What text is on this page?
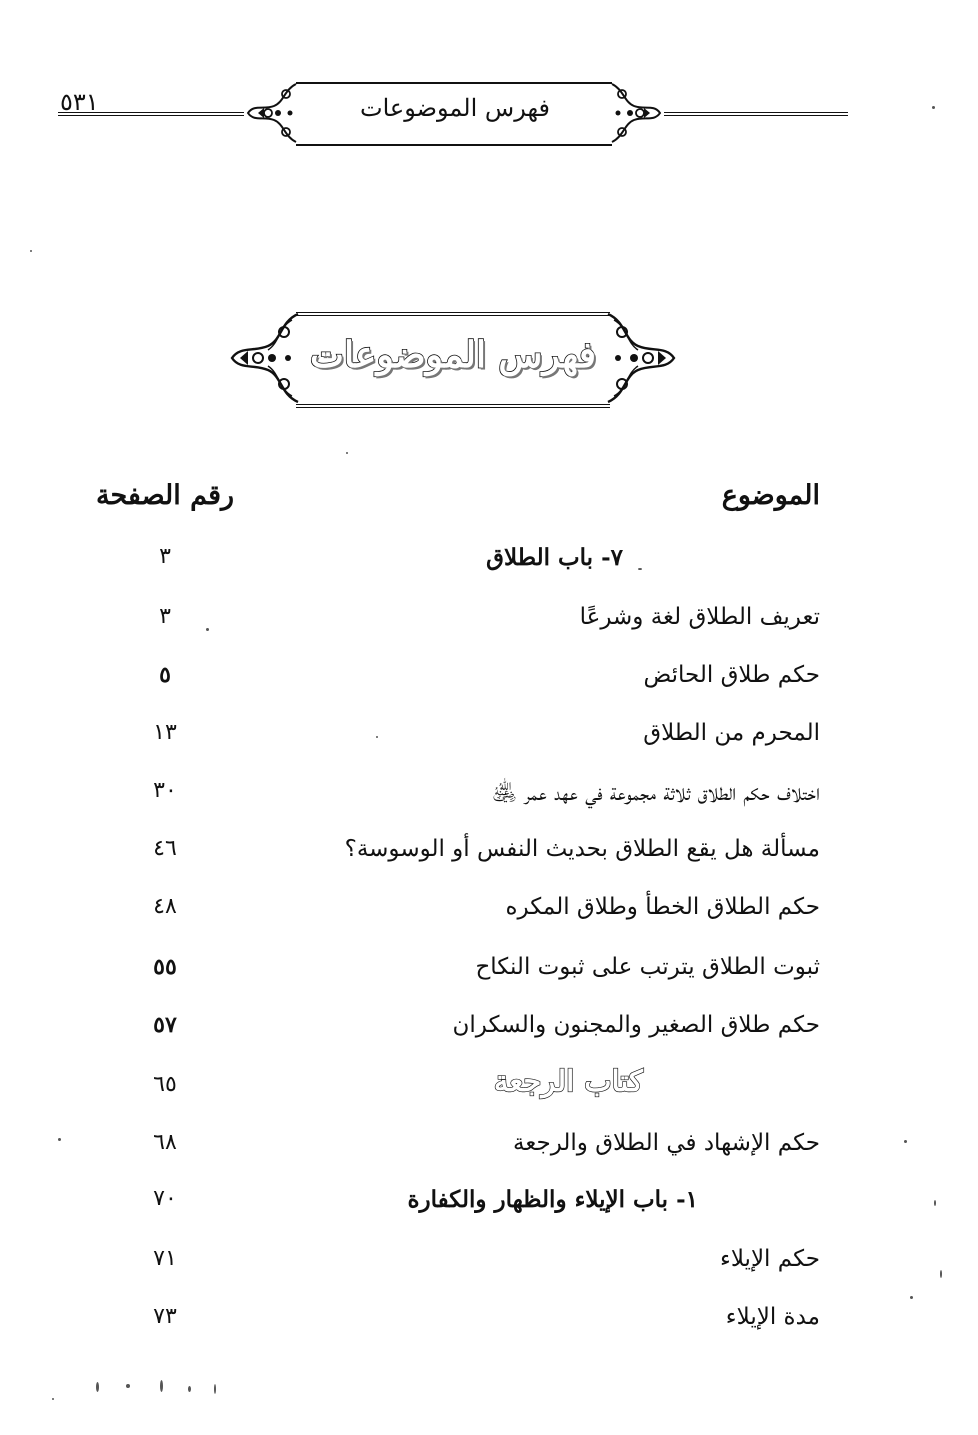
٥٣١	فهرس الموضوعات
فهرس الموضوعات
الموضوع
رقم الصفحة
٧- باب الطلاق
٣
تعريف الطلاق لغة وشرعًا
٣
حكم طلاق الحائض
٥
المحرم من الطلاق
١٣
اختلاف حكم الطلاق ثلاثة مجموعة في عهد عمر ﵁
٣٠
مسألة هل يقع الطلاق بحديث النفس أو الوسوسة؟
٤٦
حكم الطلاق الخطأ وطلاق المكره
٤٨
ثبوت الطلاق يترتب على ثبوت النكاح
٥٥
حكم طلاق الصغير والمجنون والسكران
٥٧
كتاب الرجعة
٦٥
حكم الإشهاد في الطلاق والرجعة
٦٨
١- باب الإيلاء والظهار والكفارة
٧٠
حكم الإيلاء
٧١
مدة الإيلاء
٧٣
